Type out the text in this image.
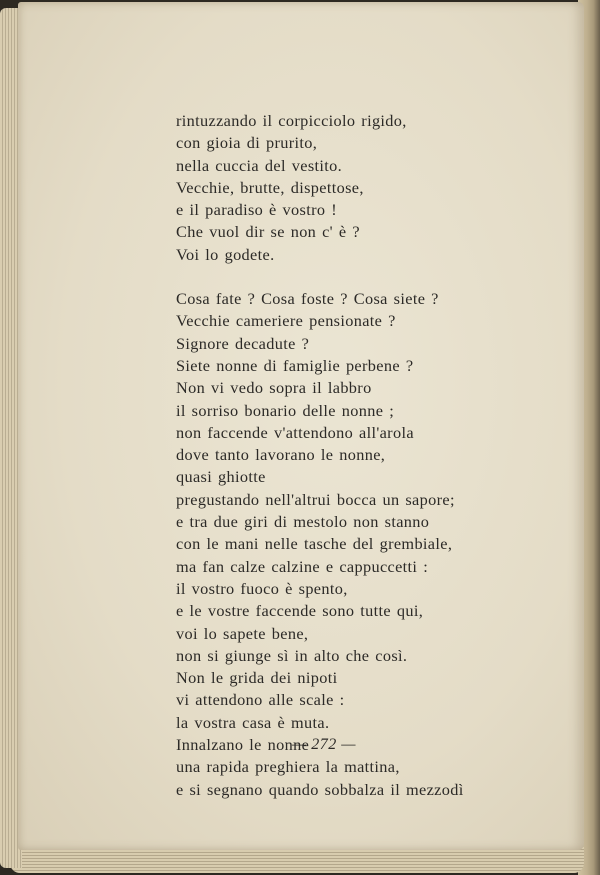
rintuzzando il corpicciolo rigido,
con gioia di prurito,
nella cuccia del vestito.
Vecchie, brutte, dispettose,
e il paradiso è vostro !
Che vuol dir se non c' è ?
Voi lo godete.
Cosa fate ? Cosa foste ? Cosa siete ?
Vecchie cameriere pensionate ?
Signore decadute ?
Siete nonne di famiglie perbene ?
Non vi vedo sopra il labbro
il sorriso bonario delle nonne ;
non faccende v'attendono all'arola
dove tanto lavorano le nonne,
quasi ghiotte
pregustando nell'altrui bocca un sapore;
e tra due giri di mestolo non stanno
con le mani nelle tasche del grembiale,
ma fan calze calzine e cappuccetti :
il vostro fuoco è spento,
e le vostre faccende sono tutte qui,
voi lo sapete bene,
non si giunge sì in alto che così.
Non le grida dei nipoti
vi attendono alle scale :
la vostra casa è muta.
Innalzano le nonne
una rapida preghiera la mattina,
e si segnano quando sobbalza il mezzodì
— 272 —
